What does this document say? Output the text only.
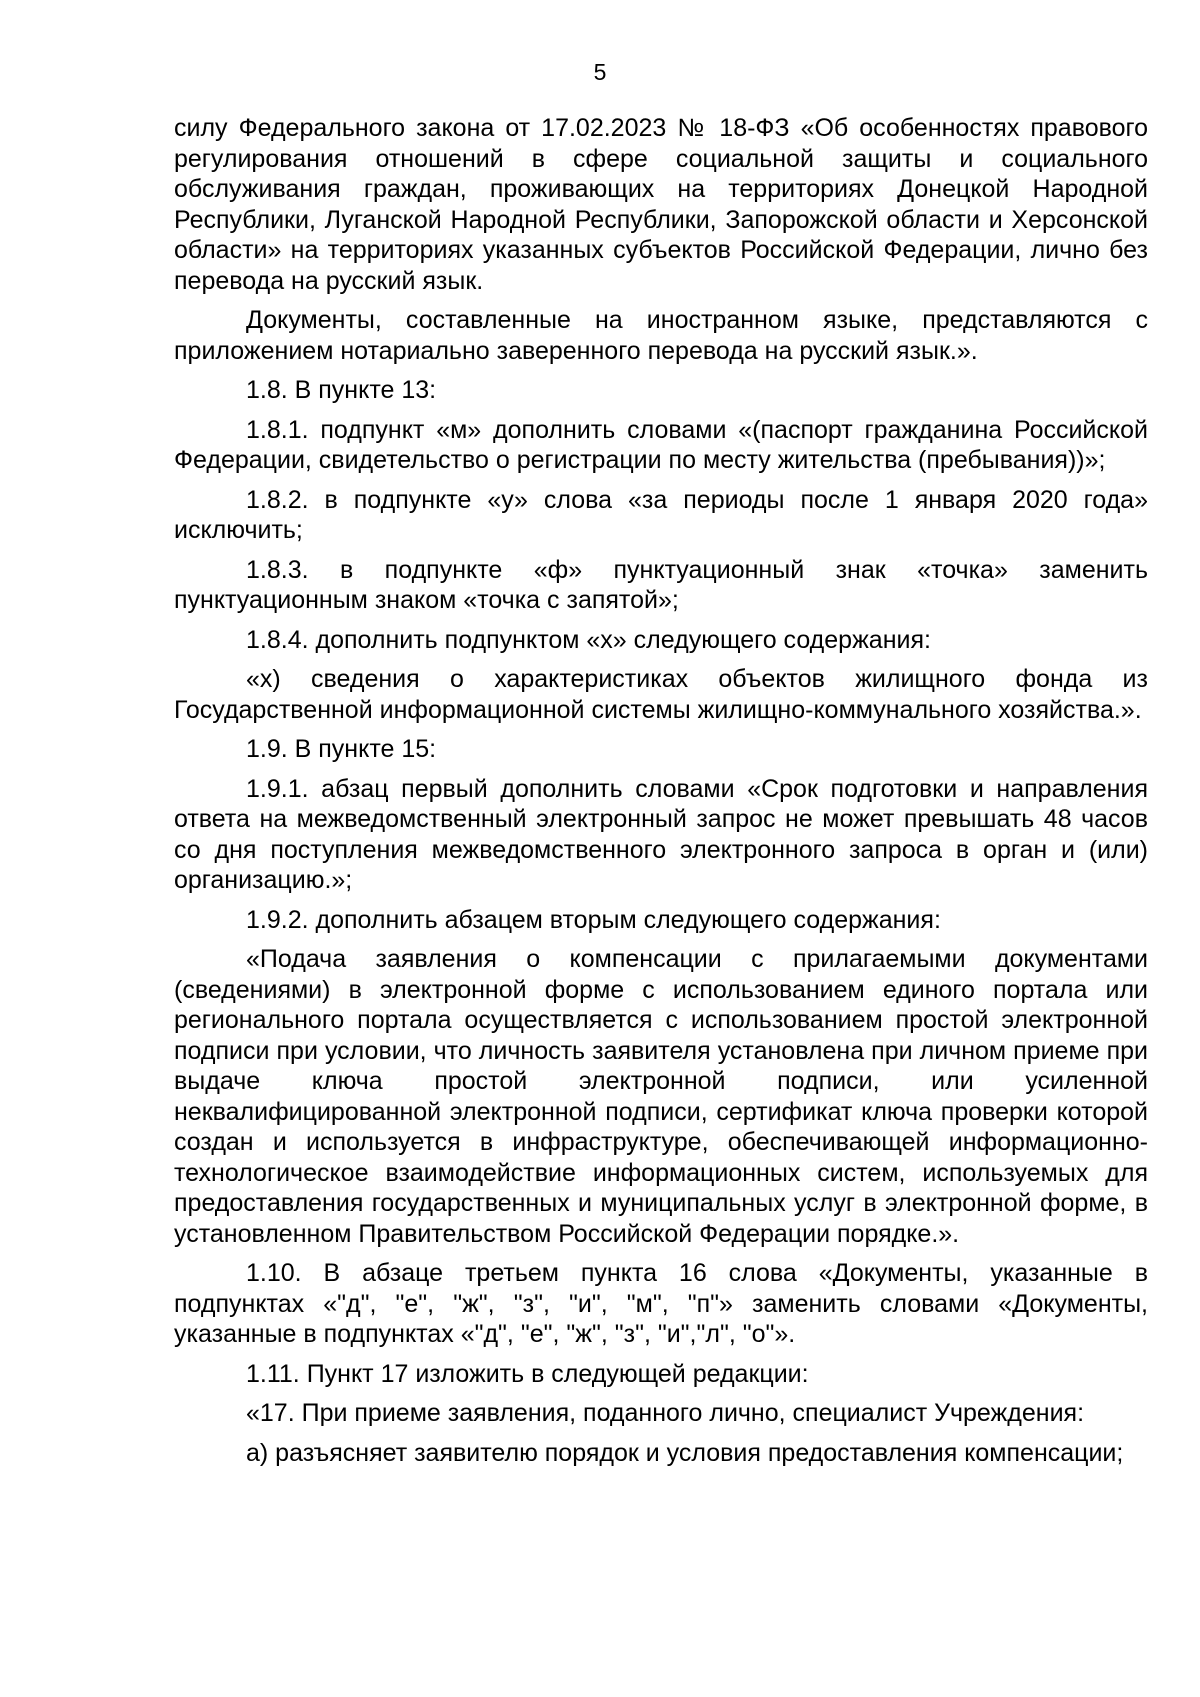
5

силу Федерального закона от 17.02.2023 № 18-ФЗ «Об особенностях правового регулирования отношений в сфере социальной защиты и социального обслуживания граждан, проживающих на территориях Донецкой Народной Республики, Луганской Народной Республики, Запорожской области и Херсонской области» на территориях указанных субъектов Российской Федерации, лично без перевода на русский язык.

Документы, составленные на иностранном языке, представляются с приложением нотариально заверенного перевода на русский язык.».

1.8. В пункте 13:

1.8.1. подпункт «м» дополнить словами «(паспорт гражданина Российской Федерации, свидетельство о регистрации по месту жительства (пребывания))»;

1.8.2. в подпункте «у» слова «за периоды после 1 января 2020 года» исключить;

1.8.3. в подпункте «ф» пунктуационный знак «точка» заменить пунктуационным знаком «точка с запятой»;

1.8.4. дополнить подпунктом «х» следующего содержания:

«х) сведения о характеристиках объектов жилищного фонда из Государственной информационной системы жилищно-коммунального хозяйства.».

1.9. В пункте 15:

1.9.1. абзац первый дополнить словами «Срок подготовки и направления ответа на межведомственный электронный запрос не может превышать 48 часов со дня поступления межведомственного электронного запроса в орган и (или) организацию.»;

1.9.2. дополнить абзацем вторым следующего содержания:

«Подача заявления о компенсации с прилагаемыми документами (сведениями) в электронной форме с использованием единого портала или регионального портала осуществляется с использованием простой электронной подписи при условии, что личность заявителя установлена при личном приеме при выдаче ключа простой электронной подписи, или усиленной неквалифицированной электронной подписи, сертификат ключа проверки которой создан и используется в инфраструктуре, обеспечивающей информационно-технологическое взаимодействие информационных систем, используемых для предоставления государственных и муниципальных услуг в электронной форме, в установленном Правительством Российской Федерации порядке.».

1.10. В абзаце третьем пункта 16 слова «Документы, указанные в подпунктах «"д", "е", "ж", "з", "и", "м", "п"» заменить словами «Документы, указанные в подпунктах «"д", "е", "ж", "з", "и","л", "о"».

1.11. Пункт 17 изложить в следующей редакции:

«17. При приеме заявления, поданного лично, специалист Учреждения:

а) разъясняет заявителю порядок и условия предоставления компенсации;
